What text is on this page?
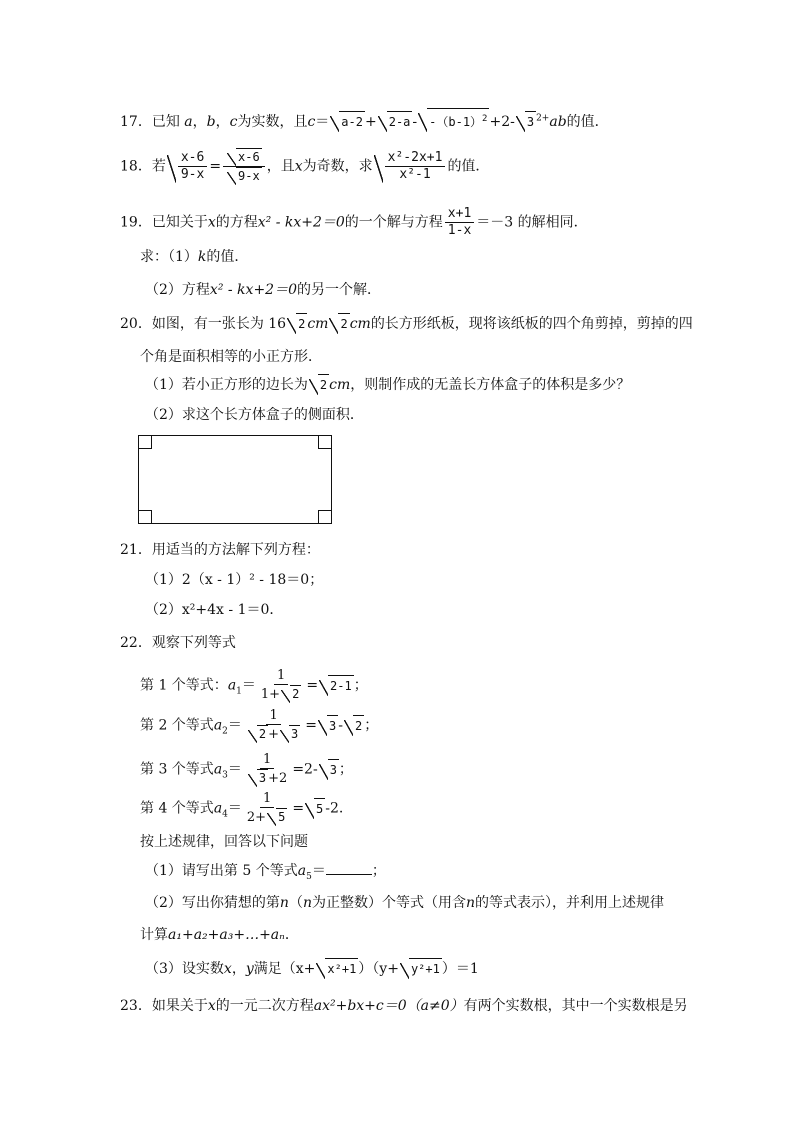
17．已知 a，b，c为实数，且$c= a-2 + 2-a - -(b-1)^2 +2-$ 3 $^{2+}$ab的值．
18．若 $\frac{x-6}{9-x} = \frac{x-6}{9-x}$ ，且x为奇数，求 $\frac{\text{x²-2x+1}}{\text{x²-1}}$ 的值．
19．已知关于x的方程x² - kx+2＝0的一个解与方程 $\frac{x+1}{1-x} =-3$ 的解相同．
求：（1）k的值．
（2）方程x² - kx+2＝0的另一个解．
20．如图，有一张长为 16 2 cm 2 cm的长方形纸板，现将该纸板的四个角剪掉，剪掉的四
个角是面积相等的小正方形．
（1）若小正方形的边长为 2 cm，则制作成的无盖长方体盒子的体积是多少？
（2）求这个长方体盒子的侧面积．
21．用适当的方法解下列方程：
（1）2（x - 1）² - 18＝0；
（2）x²+4x - 1＝0．
22．观察下列等式
第 1 个等式：$a_1= \frac{1}{1+ 2} = 2-1$ ；
第 2 个等式$a_2= \frac{1}{2 + 3} = 3 - 2$ ；
第 3 个等式$a_3= \frac{1}{3 +2} =2-$ 3 ；
第 4 个等式$a_4= \frac{1}{2+ 5} = 5$ -2.
按上述规律，回答以下问题
（1）请写出第 5 个等式$a_5=$	；
（2）写出你猜想的第n（n为正整数）个等式（用含n的等式表示），并利用上述规律
计算a₁+a₂+a₃+…+aₙ．
（3）设实数x，y满足（x+ x²+1 ）（y+ y²+1 ）＝1
23．如果关于x的一元二次方程ax²+bx+c＝0（a≠0）有两个实数根，其中一个实数根是另
